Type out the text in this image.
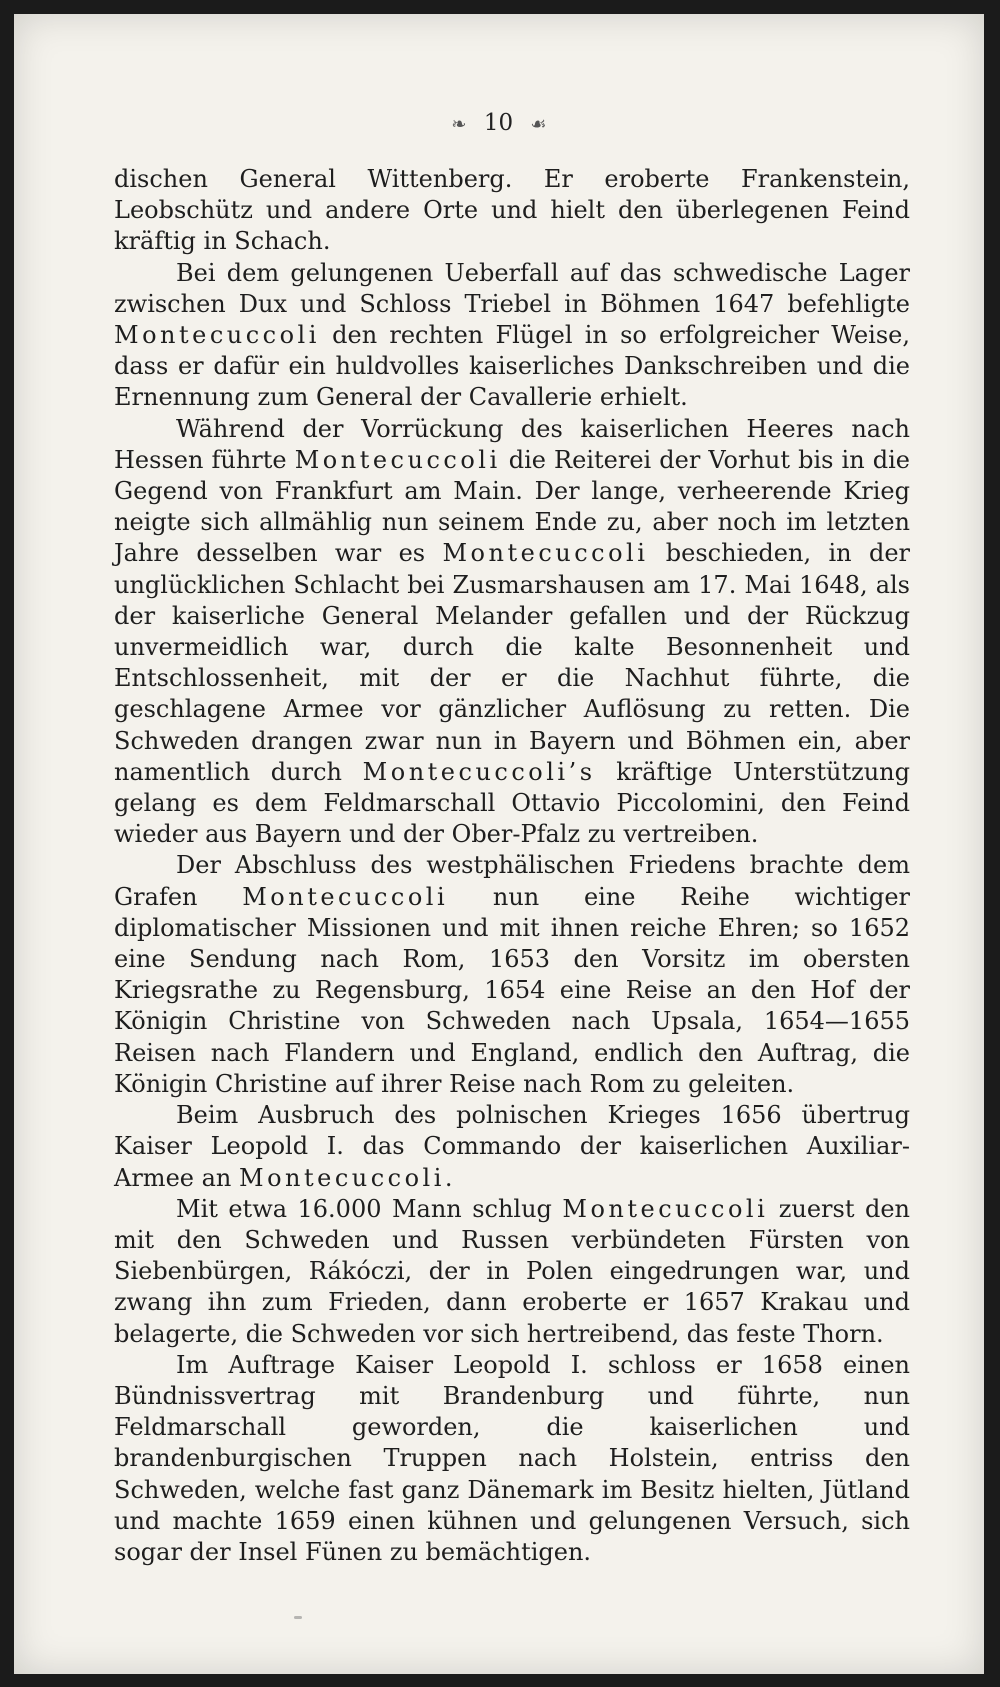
❧ 10 ☙

dischen General Wittenberg. Er eroberte Frankenstein, Leobschütz und andere Orte und hielt den überlegenen Feind kräftig in Schach.

Bei dem gelungenen Ueberfall auf das schwedische Lager zwischen Dux und Schloss Triebel in Böhmen 1647 befehligte Montecuccoli den rechten Flügel in so erfolgreicher Weise, dass er dafür ein huldvolles kaiserliches Dankschreiben und die Ernennung zum General der Cavallerie erhielt.

Während der Vorrückung des kaiserlichen Heeres nach Hessen führte Montecuccoli die Reiterei der Vorhut bis in die Gegend von Frankfurt am Main. Der lange, verheerende Krieg neigte sich allmählig nun seinem Ende zu, aber noch im letzten Jahre desselben war es Montecuccoli beschieden, in der unglücklichen Schlacht bei Zusmarshausen am 17. Mai 1648, als der kaiserliche General Melander gefallen und der Rückzug unvermeidlich war, durch die kalte Besonnenheit und Entschlossenheit, mit der er die Nachhut führte, die geschlagene Armee vor gänzlicher Auflösung zu retten. Die Schweden drangen zwar nun in Bayern und Böhmen ein, aber namentlich durch Montecuccoli’s kräftige Unterstützung gelang es dem Feldmarschall Ottavio Piccolomini, den Feind wieder aus Bayern und der Ober-Pfalz zu vertreiben.

Der Abschluss des westphälischen Friedens brachte dem Grafen Montecuccoli nun eine Reihe wichtiger diplomatischer Missionen und mit ihnen reiche Ehren; so 1652 eine Sendung nach Rom, 1653 den Vorsitz im obersten Kriegsrathe zu Regensburg, 1654 eine Reise an den Hof der Königin Christine von Schweden nach Upsala, 1654—1655 Reisen nach Flandern und England, endlich den Auftrag, die Königin Christine auf ihrer Reise nach Rom zu geleiten.

Beim Ausbruch des polnischen Krieges 1656 übertrug Kaiser Leopold I. das Commando der kaiserlichen Auxiliar-Armee an Montecuccoli.

Mit etwa 16.000 Mann schlug Montecuccoli zuerst den mit den Schweden und Russen verbündeten Fürsten von Siebenbürgen, Rákóczi, der in Polen eingedrungen war, und zwang ihn zum Frieden, dann eroberte er 1657 Krakau und belagerte, die Schweden vor sich hertreibend, das feste Thorn.

Im Auftrage Kaiser Leopold I. schloss er 1658 einen Bündnissvertrag mit Brandenburg und führte, nun Feldmarschall geworden, die kaiserlichen und brandenburgischen Truppen nach Holstein, entriss den Schweden, welche fast ganz Dänemark im Besitz hielten, Jütland und machte 1659 einen kühnen und gelungenen Versuch, sich sogar der Insel Fünen zu bemächtigen.
